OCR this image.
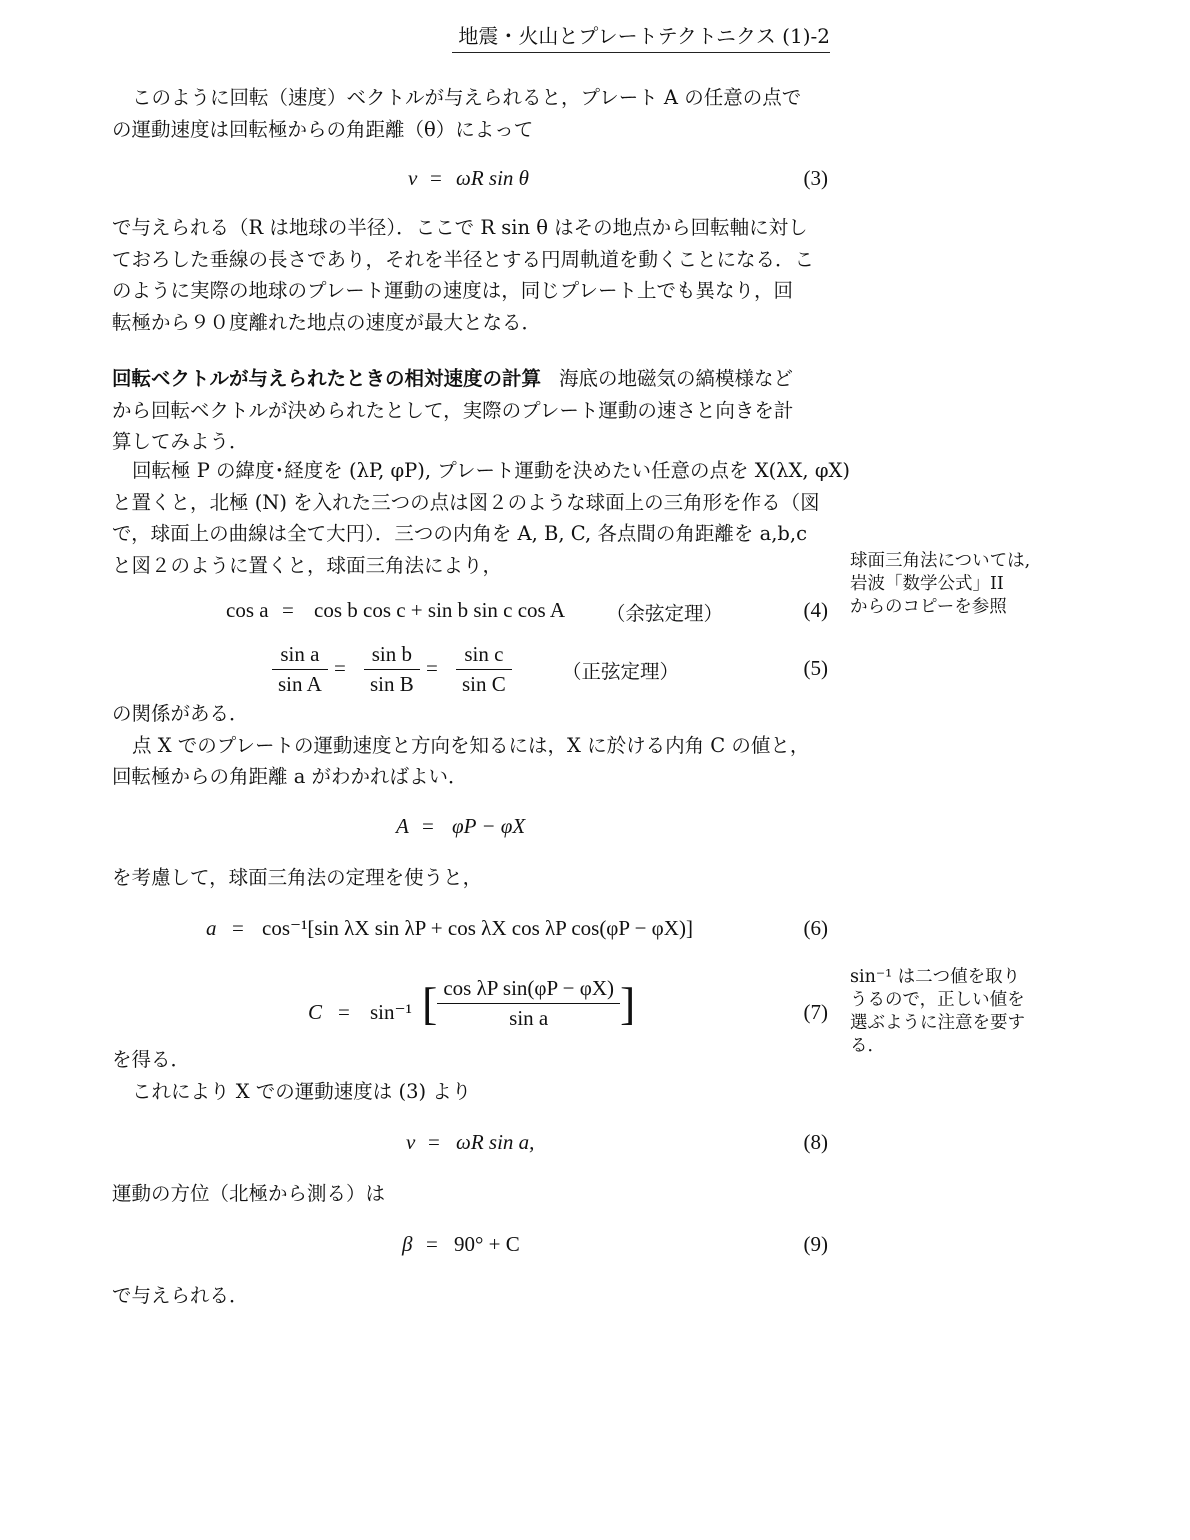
地震・火山とプレートテクトニクス (1)-2
このように回転（速度）ベクトルが与えられると，プレート A の任意の点で
の運動速度は回転極からの角距離（θ）によって
v = ωR sin θ	(3)
で与えられる（R は地球の半径）．ここで R sin θ はその地点から回転軸に対し
ておろした垂線の長さであり，それを半径とする円周軌道を動くことになる．こ
のように実際の地球のプレート運動の速度は，同じプレート上でも異なり，回
転極から９０度離れた地点の速度が最大となる．
回転ベクトルが与えられたときの相対速度の計算 海底の地磁気の縞模様など
から回転ベクトルが決められたとして，実際のプレート運動の速さと向きを計
算してみよう．
回転極 P の緯度･経度を (λP, φP), プレート運動を決めたい任意の点を X(λX, φX)
と置くと，北極 (N) を入れた三つの点は図２のような球面上の三角形を作る（図
で，球面上の曲線は全て大円）．三つの内角を A, B, C, 各点間の角距離を a,b,c
と図２のように置くと，球面三角法により，	球面三角法については,
岩波「数学公式」II
からのコピーを参照
cos a = cos b cos c + sin b sin c cos A （余弦定理）	(4)
$\frac{\text{sin a}}{\text{sin A}} = \frac{\text{sin b}}{\text{sin B}} = \frac{\text{sin c}}{\text{sin C}}$	（正弦定理）	(5)
の関係がある．
点 X でのプレートの運動速度と方向を知るには，X に於ける内角 C の値と，
回転極からの角距離 a がわかればよい．
A = φP − φX
を考慮して，球面三角法の定理を使うと，
a = cos⁻¹[sin λX sin λP + cos λX cos λP cos(φP − φX)]	(6)
sin⁻¹ は二つ値を取り
うるので，正しい値を
選ぶように注意を要す
る．
C = sin⁻¹ [ $\frac{\text{cos λP sin(φP − φX)}}{\text{sin a}}$ ]	(7)
を得る．
これにより X での運動速度は (3) より
v = ωR sin a,	(8)
運動の方位（北極から測る）は
β = 90° + C	(9)
で与えられる．
